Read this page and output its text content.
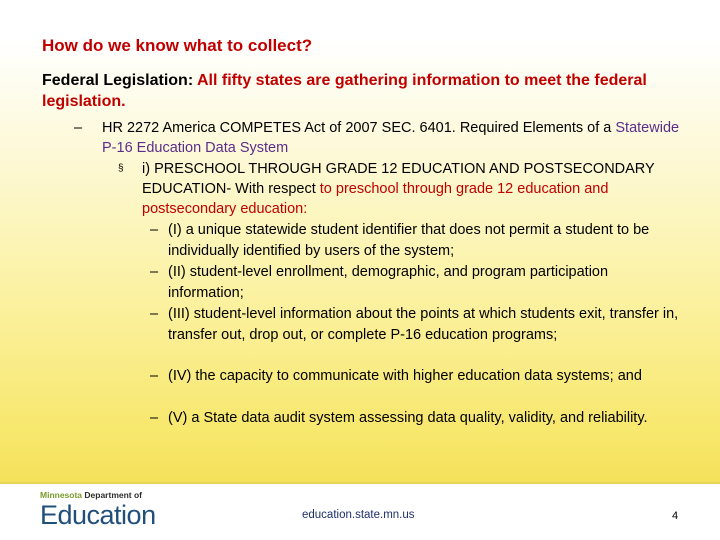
How do we know what to collect?
Federal Legislation: All fifty states are gathering information to meet the federal legislation.
– HR 2272 America COMPETES Act of 2007 SEC. 6401. Required Elements of a Statewide P-16 Education Data System
§ i) PRESCHOOL THROUGH GRADE 12 EDUCATION AND POSTSECONDARY EDUCATION- With respect to preschool through grade 12 education and postsecondary education:
– (I) a unique statewide student identifier that does not permit a student to be individually identified by users of the system;
– (II) student-level enrollment, demographic, and program participation information;
– (III) student-level information about the points at which students exit, transfer in, transfer out, drop out, or complete P-16 education programs;
– (IV) the capacity to communicate with higher education data systems; and
– (V) a State data audit system assessing data quality, validity, and reliability.
Minnesota Department of
Education	education.state.mn.us	4
